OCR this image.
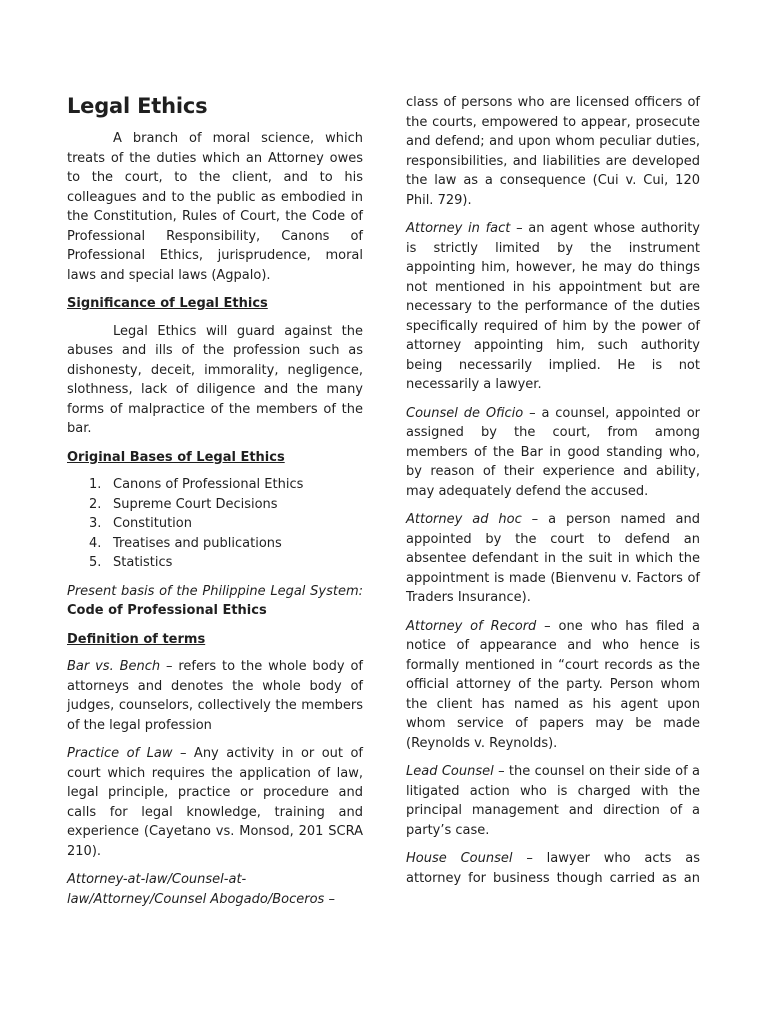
Legal Ethics

A branch of moral science, which treats of the duties which an Attorney owes to the court, to the client, and to his colleagues and to the public as embodied in the Constitution, Rules of Court, the Code of Professional Responsibility, Canons of Professional Ethics, jurisprudence, moral laws and special laws (Agpalo).

Significance of Legal Ethics

Legal Ethics will guard against the abuses and ills of the profession such as dishonesty, deceit, immorality, negligence, slothness, lack of diligence and the many forms of malpractice of the members of the bar.

Original Bases of Legal Ethics
1. Canons of Professional Ethics
2. Supreme Court Decisions
3. Constitution
4. Treatises and publications
5. Statistics

Present basis of the Philippine Legal System: Code of Professional Ethics

Definition of terms

Bar vs. Bench – refers to the whole body of attorneys and denotes the whole body of judges, counselors, collectively the members of the legal profession

Practice of Law – Any activity in or out of court which requires the application of law, legal principle, practice or procedure and calls for legal knowledge, training and experience (Cayetano vs. Monsod, 201 SCRA 210).

Attorney-at-law/Counsel-at-law/Attorney/Counsel Abogado/Boceros –

class of persons who are licensed officers of the courts, empowered to appear, prosecute and defend; and upon whom peculiar duties, responsibilities, and liabilities are developed the law as a consequence (Cui v. Cui, 120 Phil. 729).

Attorney in fact – an agent whose authority is strictly limited by the instrument appointing him, however, he may do things not mentioned in his appointment but are necessary to the performance of the duties specifically required of him by the power of attorney appointing him, such authority being necessarily implied. He is not necessarily a lawyer.

Counsel de Oficio – a counsel, appointed or assigned by the court, from among members of the Bar in good standing who, by reason of their experience and ability, may adequately defend the accused.

Attorney ad hoc – a person named and appointed by the court to defend an absentee defendant in the suit in which the appointment is made (Bienvenu v. Factors of Traders Insurance).

Attorney of Record – one who has filed a notice of appearance and who hence is formally mentioned in “court records as the official attorney of the party. Person whom the client has named as his agent upon whom service of papers may be made (Reynolds v. Reynolds).

Lead Counsel – the counsel on their side of a litigated action who is charged with the principal management and direction of a party’s case.

House Counsel – lawyer who acts as attorney for business though carried as an
